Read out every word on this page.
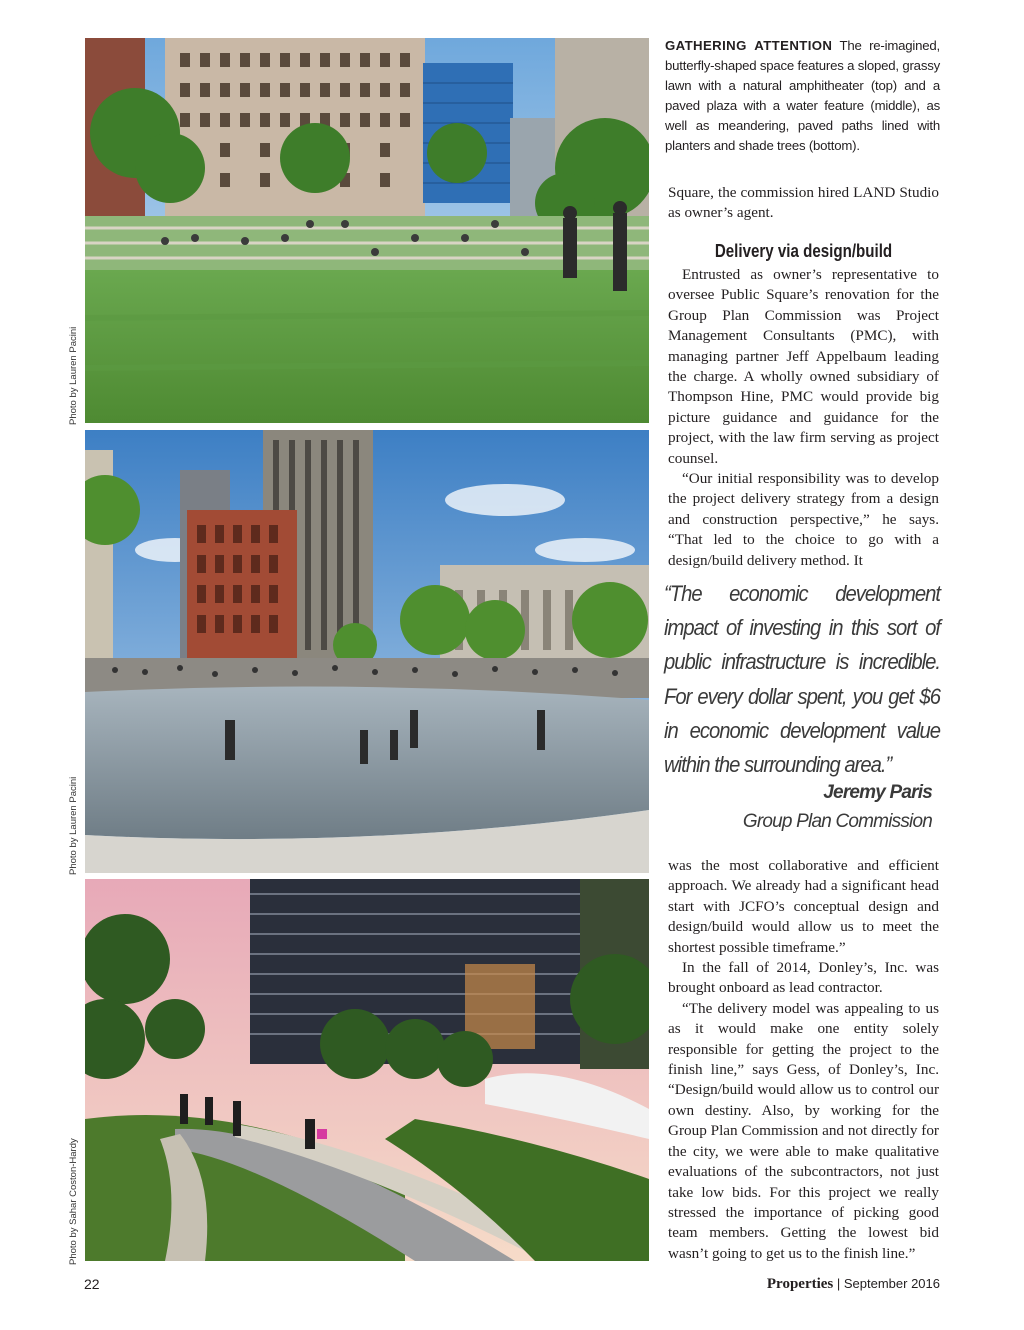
Photo by Lauren Pacini
Photo by Lauren Pacini
Photo by Sahar Coston-Hardy
GATHERING ATTENTION The re-imagined, butterfly-shaped space features a sloped, grassy lawn with a natural amphitheater (top) and a paved plaza with a water feature (middle), as well as meandering, paved paths lined with planters and shade trees (bottom).

Square, the commission hired LAND Studio as owner’s agent.

Delivery via design/build

Entrusted as owner’s representative to oversee Public Square’s renovation for the Group Plan Commission was Project Management Consultants (PMC), with managing partner Jeff Appelbaum leading the charge. A wholly owned subsidiary of Thompson Hine, PMC would provide big picture guidance and guidance for the project, with the law firm serving as project counsel.

“Our initial responsibility was to develop the project delivery strategy from a design and construction perspective,” he says. “That led to the choice to go with a design/build delivery method. It

“The economic development impact of investing in this sort of public infrastructure is incredible. For every dollar spent, you get $6 in economic development value within the surrounding area.”
Jeremy Paris
Group Plan Commission

was the most collaborative and efficient approach. We already had a significant head start with JCFO’s conceptual design and design/build would allow us to meet the shortest possible timeframe.”

In the fall of 2014, Donley’s, Inc. was brought onboard as lead contractor.

“The delivery model was appealing to us as it would make one entity solely responsible for getting the project to the finish line,” says Gess, of Donley’s, Inc. “Design/build would allow us to control our own destiny. Also, by working for the Group Plan Commission and not directly for the city, we were able to make qualitative evaluations of the subcontractors, not just take low bids. For this project we really stressed the importance of picking good team members. Getting the lowest bid wasn’t going to get us to the finish line.”

22	Properties | September 2016
